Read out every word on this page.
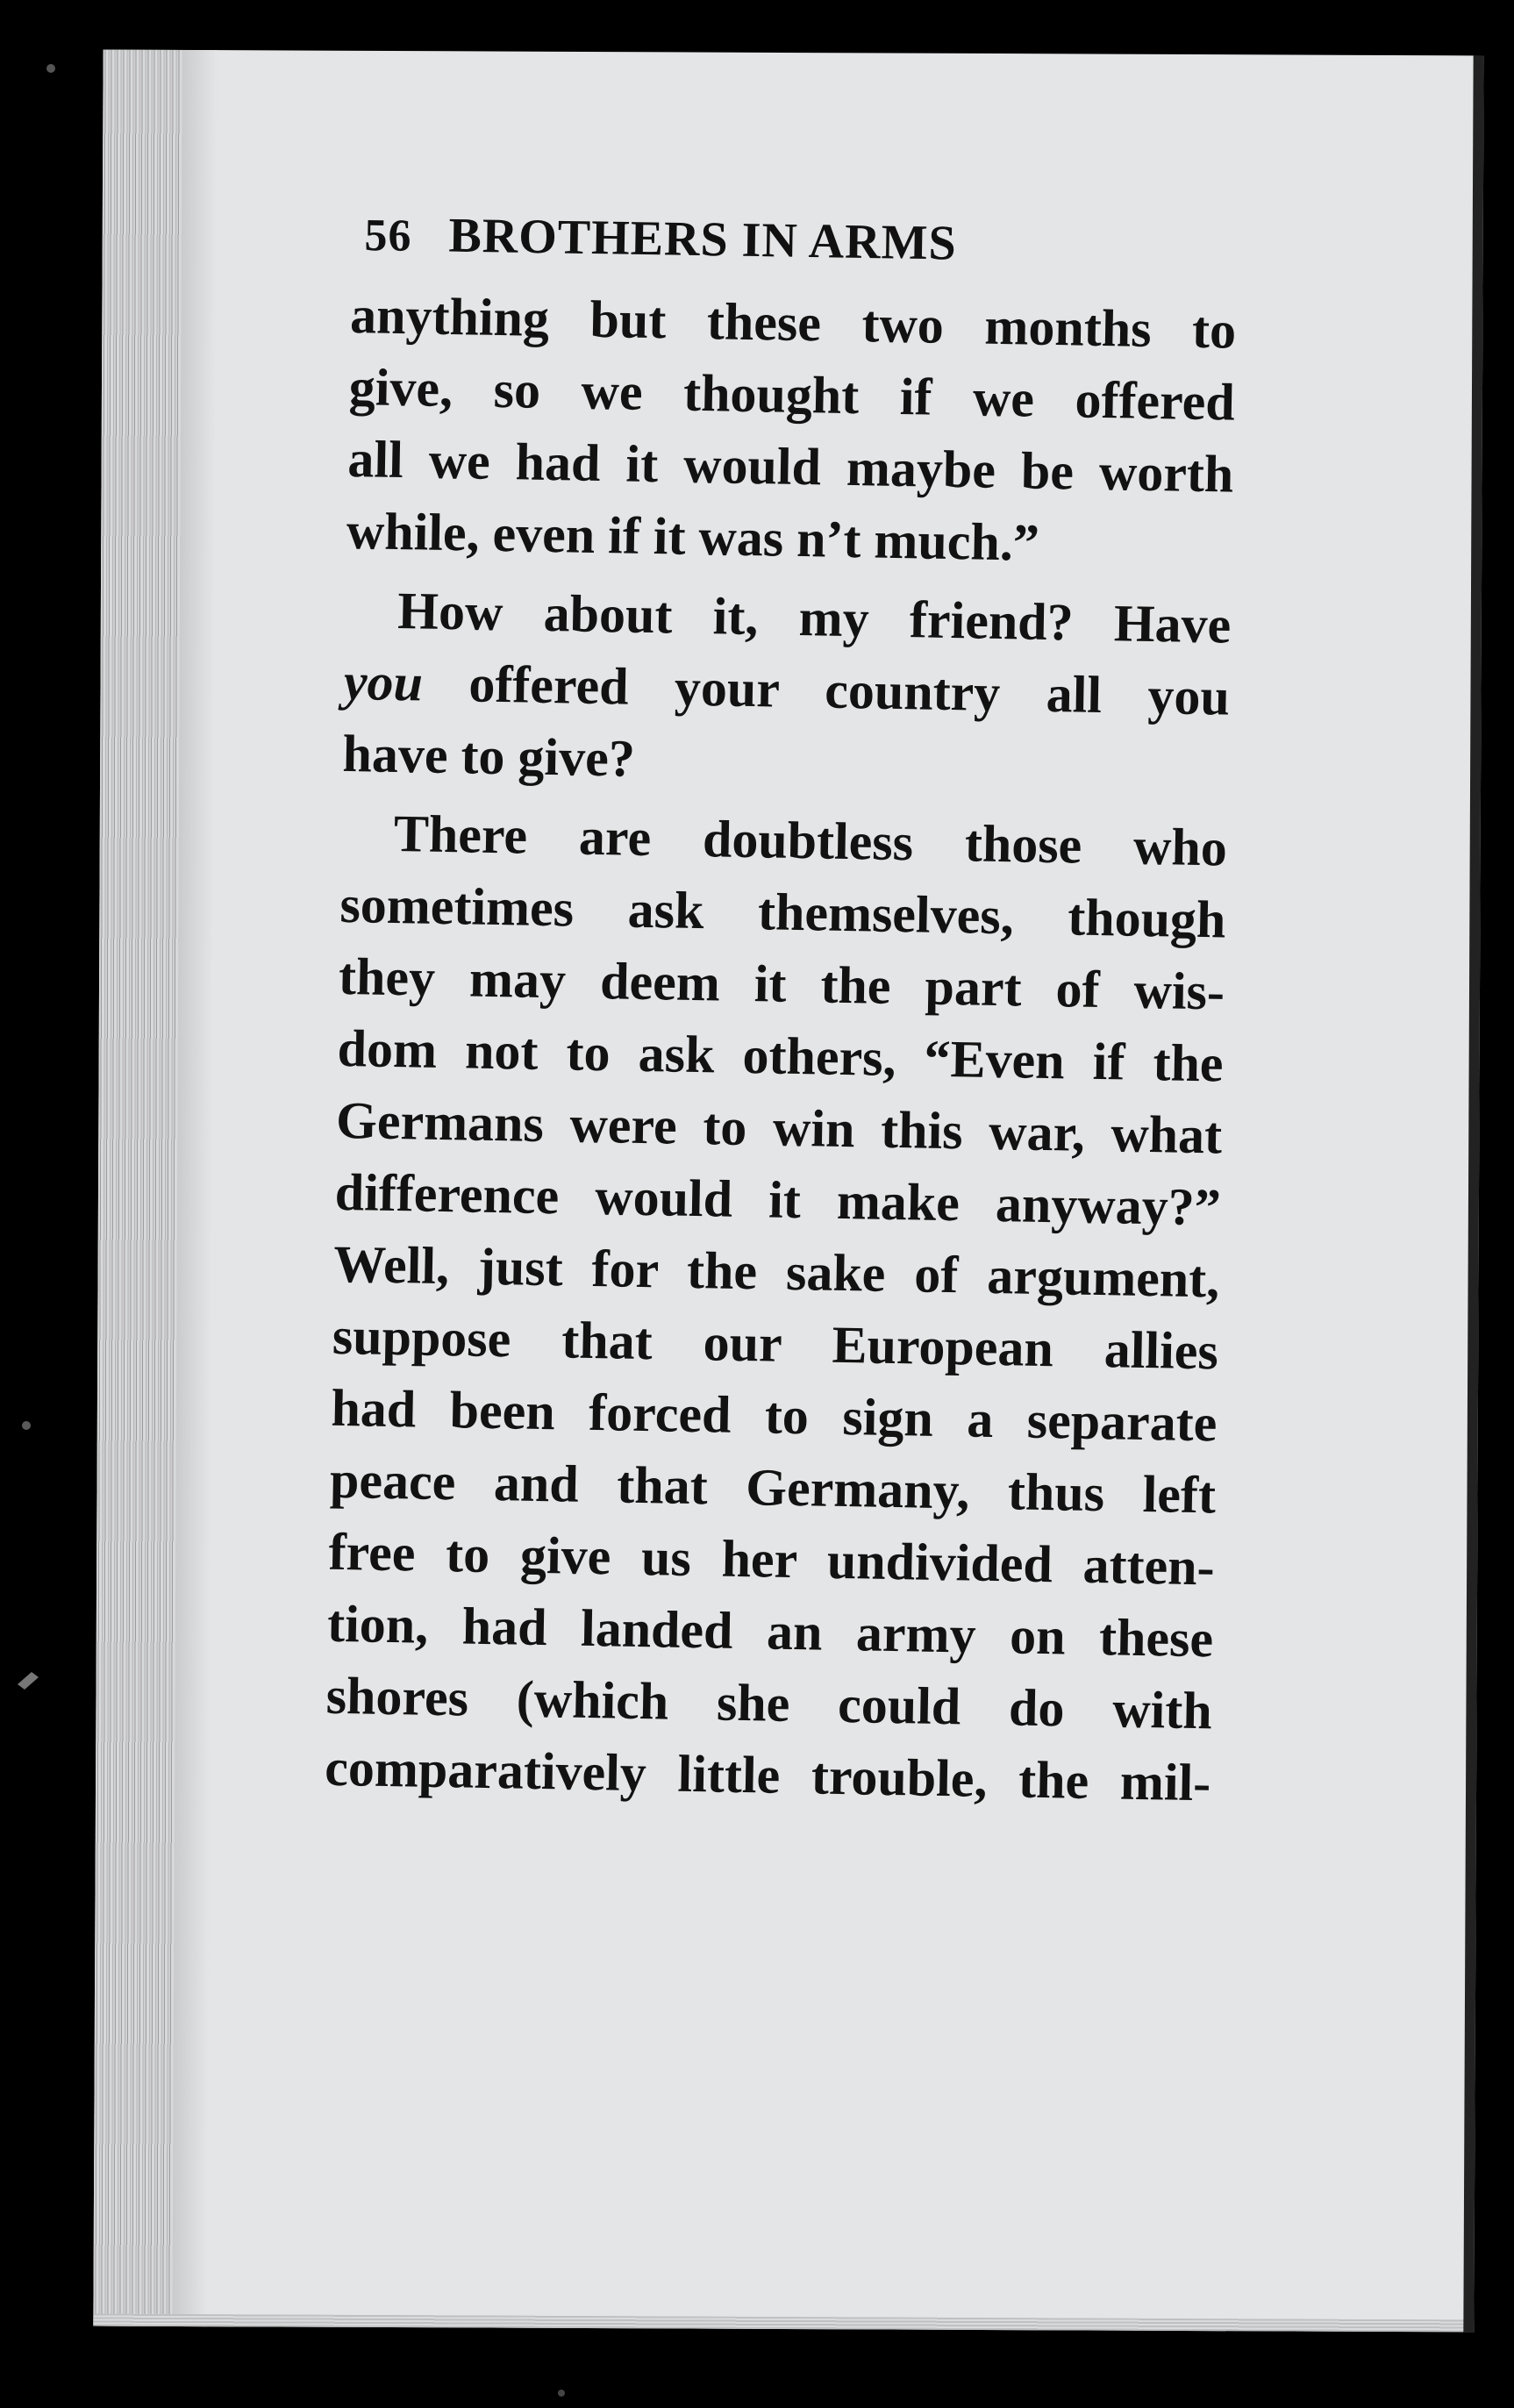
56 BROTHERS IN ARMS
anything but these two months to
give, so we thought if we offered
all we had it would maybe be worth
while, even if it was n’t much.”
How about it, my friend? Have
you offered your country all you
have to give?
There are doubtless those who
sometimes ask themselves, though
they may deem it the part of wis-
dom not to ask others, “Even if the
Germans were to win this war, what
difference would it make anyway?”
Well, just for the sake of argument,
suppose that our European allies
had been forced to sign a separate
peace and that Germany, thus left
free to give us her undivided atten-
tion, had landed an army on these
shores (which she could do with
comparatively little trouble, the mil-
